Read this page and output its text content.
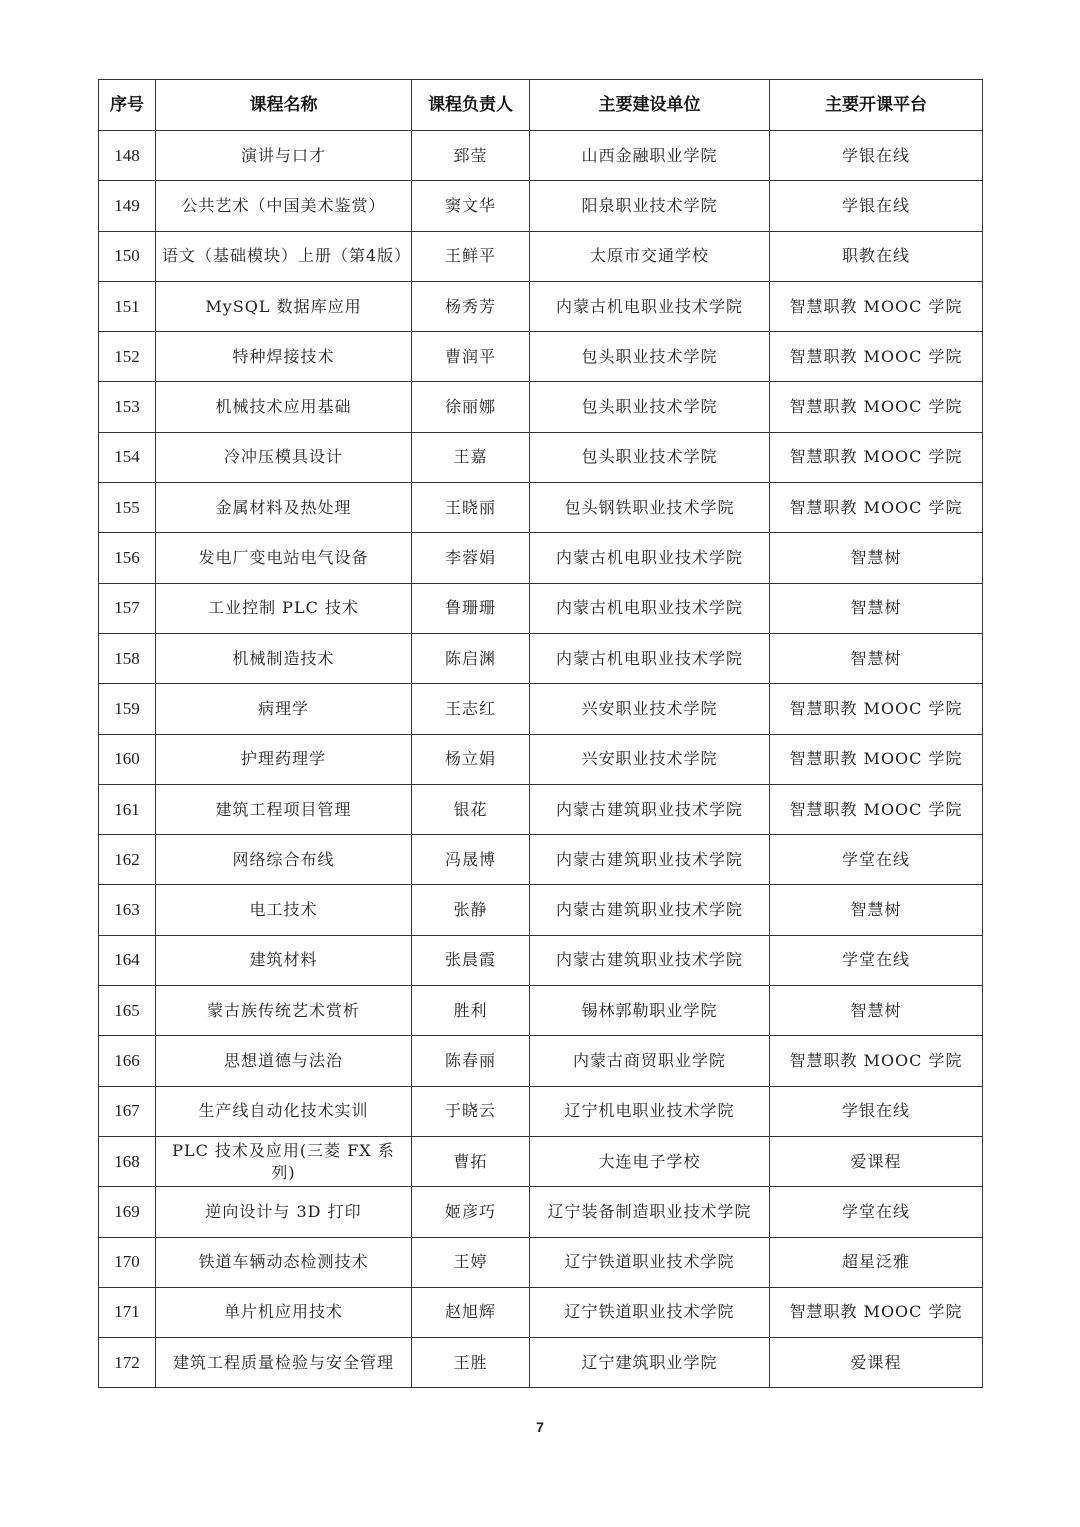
序号	课程名称	课程负责人	主要建设单位	主要开课平台
148	演讲与口才	郅莹	山西金融职业学院	学银在线
149	公共艺术（中国美术鉴赏）	窦文华	阳泉职业技术学院	学银在线
150	语文（基础模块）上册（第4版）	王鲜平	太原市交通学校	职教在线
151	MySQL 数据库应用	杨秀芳	内蒙古机电职业技术学院	智慧职教 MOOC 学院
152	特种焊接技术	曹润平	包头职业技术学院	智慧职教 MOOC 学院
153	机械技术应用基础	徐丽娜	包头职业技术学院	智慧职教 MOOC 学院
154	冷冲压模具设计	王嘉	包头职业技术学院	智慧职教 MOOC 学院
155	金属材料及热处理	王晓丽	包头钢铁职业技术学院	智慧职教 MOOC 学院
156	发电厂变电站电气设备	李蓉娟	内蒙古机电职业技术学院	智慧树
157	工业控制 PLC 技术	鲁珊珊	内蒙古机电职业技术学院	智慧树
158	机械制造技术	陈启渊	内蒙古机电职业技术学院	智慧树
159	病理学	王志红	兴安职业技术学院	智慧职教 MOOC 学院
160	护理药理学	杨立娟	兴安职业技术学院	智慧职教 MOOC 学院
161	建筑工程项目管理	银花	内蒙古建筑职业技术学院	智慧职教 MOOC 学院
162	网络综合布线	冯晟博	内蒙古建筑职业技术学院	学堂在线
163	电工技术	张静	内蒙古建筑职业技术学院	智慧树
164	建筑材料	张晨霞	内蒙古建筑职业技术学院	学堂在线
165	蒙古族传统艺术赏析	胜利	锡林郭勒职业学院	智慧树
166	思想道德与法治	陈春丽	内蒙古商贸职业学院	智慧职教 MOOC 学院
167	生产线自动化技术实训	于晓云	辽宁机电职业技术学院	学银在线
168	PLC 技术及应用(三菱 FX 系列)	曹拓	大连电子学校	爱课程
169	逆向设计与 3D 打印	姬彦巧	辽宁装备制造职业技术学院	学堂在线
170	铁道车辆动态检测技术	王婷	辽宁铁道职业技术学院	超星泛雅
171	单片机应用技术	赵旭辉	辽宁铁道职业技术学院	智慧职教 MOOC 学院
172	建筑工程质量检验与安全管理	王胜	辽宁建筑职业学院	爱课程
7
